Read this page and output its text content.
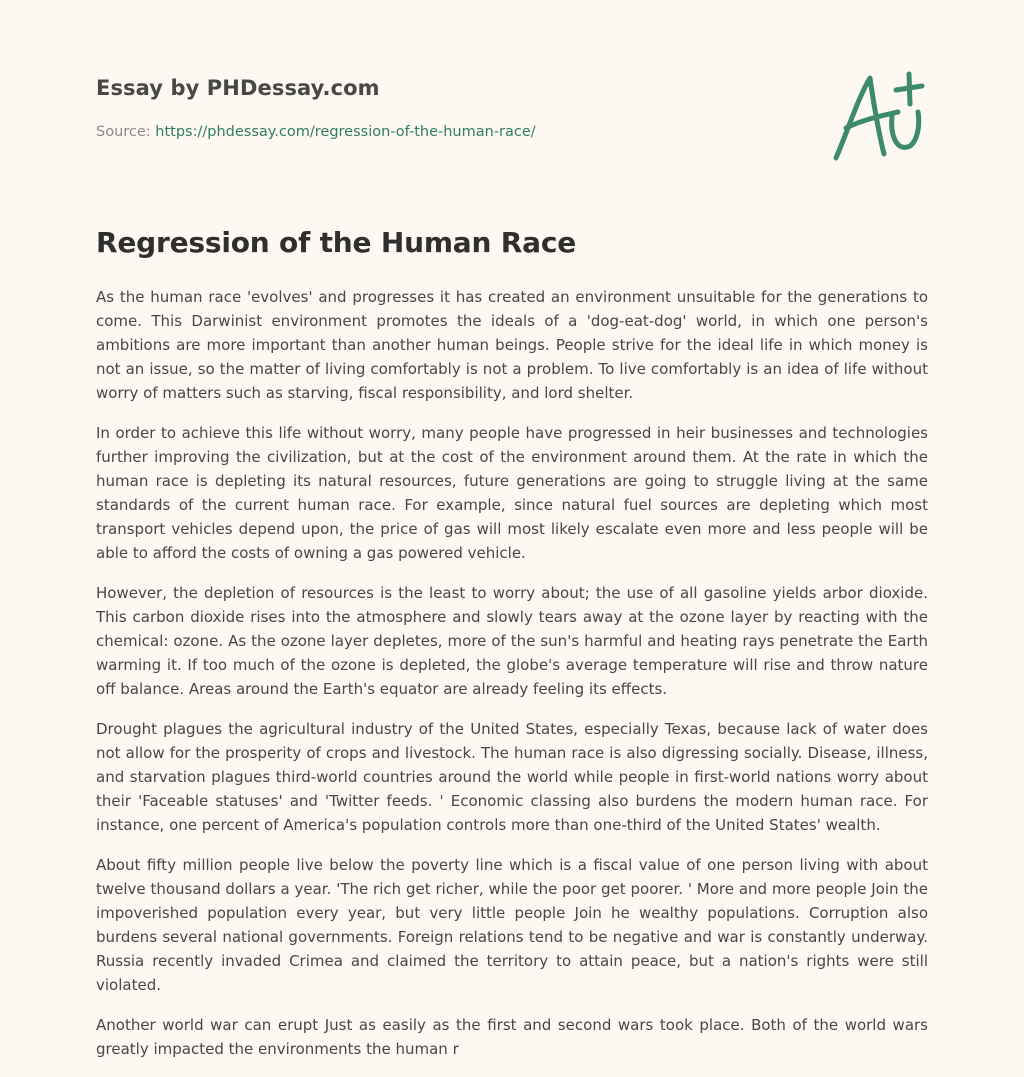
Essay by PHDessay.com
Source: https://phdessay.com/regression-of-the-human-race/
Regression of the Human Race

As the human race 'evolves' and progresses it has created an environment unsuitable for the generations to come. This Darwinist environment promotes the ideals of a 'dog-eat-dog' world, in which one person's ambitions are more important than another human beings. People strive for the ideal life in which money is not an issue, so the matter of living comfortably is not a problem. To live comfortably is an idea of life without worry of matters such as starving, fiscal responsibility, and lord shelter.

In order to achieve this life without worry, many people have progressed in heir businesses and technologies further improving the civilization, but at the cost of the environment around them. At the rate in which the human race is depleting its natural resources, future generations are going to struggle living at the same standards of the current human race. For example, since natural fuel sources are depleting which most transport vehicles depend upon, the price of gas will most likely escalate even more and less people will be able to afford the costs of owning a gas powered vehicle.

However, the depletion of resources is the least to worry about; the use of all gasoline yields arbor dioxide. This carbon dioxide rises into the atmosphere and slowly tears away at the ozone layer by reacting with the chemical: ozone. As the ozone layer depletes, more of the sun's harmful and heating rays penetrate the Earth warming it. If too much of the ozone is depleted, the globe's average temperature will rise and throw nature off balance. Areas around the Earth's equator are already feeling its effects.

Drought plagues the agricultural industry of the United States, especially Texas, because lack of water does not allow for the prosperity of crops and livestock. The human race is also digressing socially. Disease, illness, and starvation plagues third-world countries around the world while people in first-world nations worry about their 'Faceable statuses' and 'Twitter feeds. ' Economic classing also burdens the modern human race. For instance, one percent of America's population controls more than one-third of the United States' wealth.

About fifty million people live below the poverty line which is a fiscal value of one person living with about twelve thousand dollars a year. 'The rich get richer, while the poor get poorer. ' More and more people Join the impoverished population every year, but very little people Join he wealthy populations. Corruption also burdens several national governments. Foreign relations tend to be negative and war is constantly underway. Russia recently invaded Crimea and claimed the territory to attain peace, but a nation's rights were still violated.

Another world war can erupt Just as easily as the first and second wars took place. Both of the world wars greatly impacted the environments the human r
